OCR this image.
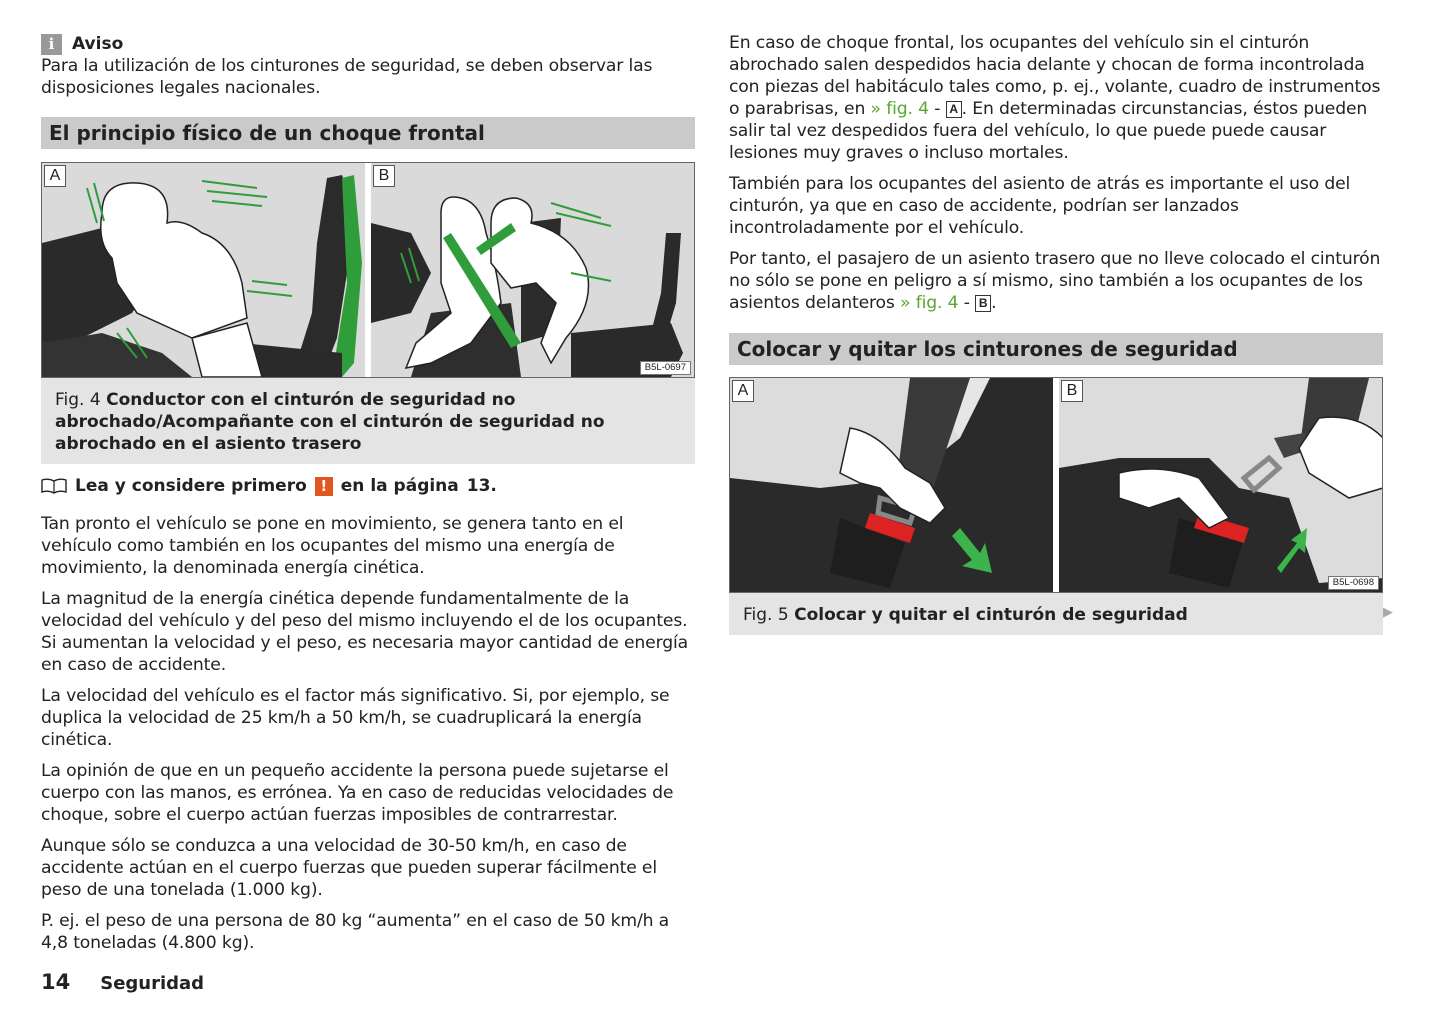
i	Aviso

Para la utilización de los cinturones de seguridad, se deben observar las disposiciones legales nacionales.

El principio físico de un choque frontal
A	B
B5L-0697
Fig. 4 Conductor con el cinturón de seguridad no abrochado/Acompañante con el cinturón de seguridad no abrochado en el asiento trasero
Lea y considere primero ! en la página 13.

Tan pronto el vehículo se pone en movimiento, se genera tanto en el vehículo como también en los ocupantes del mismo una energía de movimiento, la denominada energía cinética.

La magnitud de la energía cinética depende fundamentalmente de la velocidad del vehículo y del peso del mismo incluyendo el de los ocupantes. Si aumentan la velocidad y el peso, es necesaria mayor cantidad de energía en caso de accidente.

La velocidad del vehículo es el factor más significativo. Si, por ejemplo, se duplica la velocidad de 25 km/h a 50 km/h, se cuadruplicará la energía cinética.

La opinión de que en un pequeño accidente la persona puede sujetarse el cuerpo con las manos, es errónea. Ya en caso de reducidas velocidades de choque, sobre el cuerpo actúan fuerzas imposibles de contrarrestar.

Aunque sólo se conduzca a una velocidad de 30-50 km/h, en caso de accidente actúan en el cuerpo fuerzas que pueden superar fácilmente el peso de una tonelada (1.000 kg).

P. ej. el peso de una persona de 80 kg “aumenta” en el caso de 50 km/h a 4,8 toneladas (4.800 kg).

En caso de choque frontal, los ocupantes del vehículo sin el cinturón abrochado salen despedidos hacia delante y chocan de forma incontrolada con piezas del habitáculo tales como, p. ej., volante, cuadro de instrumentos o parabrisas, en » fig. 4 - A . En determinadas circunstancias, éstos pueden salir tal vez despedidos fuera del vehículo, lo que puede puede causar lesiones muy graves o incluso mortales.

También para los ocupantes del asiento de atrás es importante el uso del cinturón, ya que en caso de accidente, podrían ser lanzados incontroladamente por el vehículo.

Por tanto, el pasajero de un asiento trasero que no lleve colocado el cinturón no sólo se pone en peligro a sí mismo, sino también a los ocupantes de los asientos delanteros » fig. 4 - B .

Colocar y quitar los cinturones de seguridad
A	B
B5L-0698
Fig. 5 Colocar y quitar el cinturón de seguridad	▶
14 Seguridad
